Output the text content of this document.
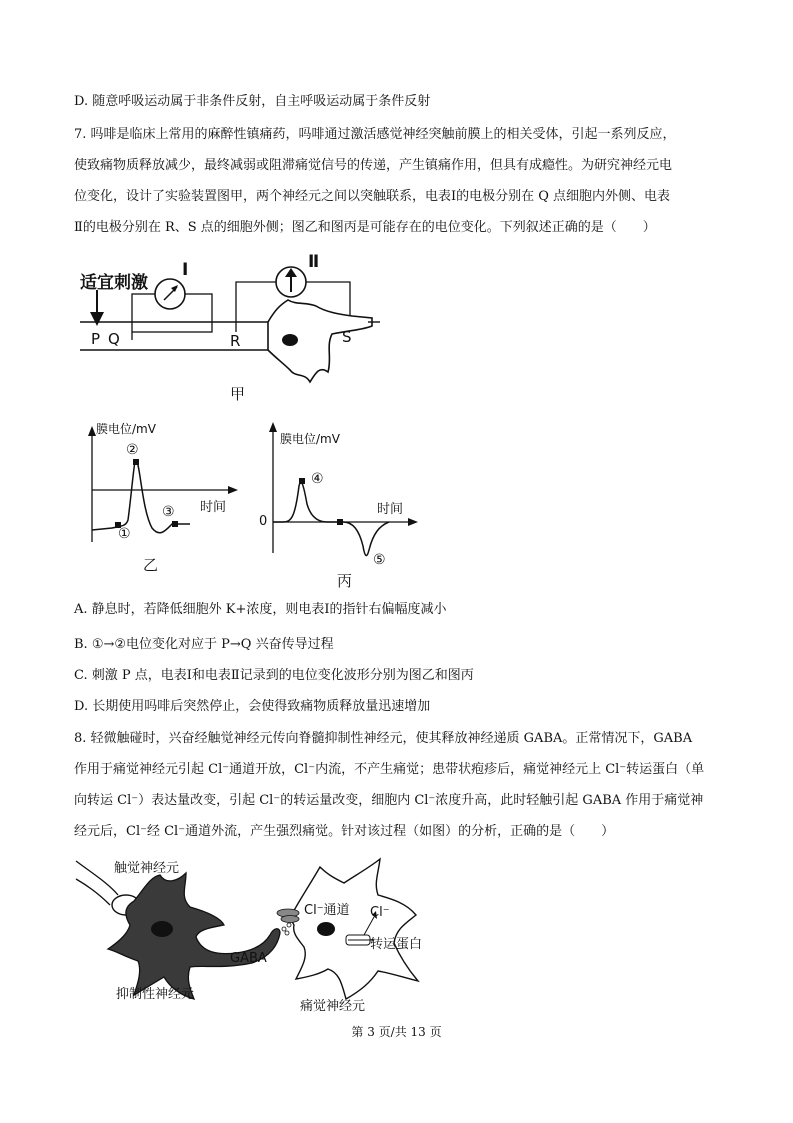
D. 随意呼吸运动属于非条件反射，自主呼吸运动属于条件反射
7. 吗啡是临床上常用的麻醉性镇痛药，吗啡通过激活感觉神经突触前膜上的相关受体，引起一系列反应，
使致痛物质释放减少，最终减弱或阻滞痛觉信号的传递，产生镇痛作用，但具有成瘾性。为研究神经元电
位变化，设计了实验装置图甲，两个神经元之间以突触联系，电表Ⅰ的电极分别在 Q 点细胞内外侧、电表
Ⅱ的电极分别在 R、S 点的细胞外侧；图乙和图丙是可能存在的电位变化。下列叙述正确的是（　　）
适宜刺激
Ⅰ	Ⅱ
P Q	R	S
甲
膜电位/mV
时间
①
②
③
乙
膜电位/mV
时间
0
④
⑤
丙
A. 静息时，若降低细胞外 K+浓度，则电表Ⅰ的指针右偏幅度减小
B. ①→②电位变化对应于 P→Q 兴奋传导过程
C. 刺激 P 点，电表Ⅰ和电表Ⅱ记录到的电位变化波形分别为图乙和图丙
D. 长期使用吗啡后突然停止，会使得致痛物质释放量迅速增加
8. 轻微触碰时，兴奋经触觉神经元传向脊髓抑制性神经元，使其释放神经递质 GABA。正常情况下，GABA
作用于痛觉神经元引起 Cl⁻通道开放，Cl⁻内流，不产生痛觉；患带状疱疹后，痛觉神经元上 Cl⁻转运蛋白（单
向转运 Cl⁻）表达量改变，引起 Cl⁻的转运量改变，细胞内 Cl⁻浓度升高，此时轻触引起 GABA 作用于痛觉神
经元后，Cl⁻经 Cl⁻通道外流，产生强烈痛觉。针对该过程（如图）的分析，正确的是（　　）
触觉神经元
Cl⁻通道 Cl⁻
转运蛋白
GABA
抑制性神经元
痛觉神经元
第 3 页/共 13 页
